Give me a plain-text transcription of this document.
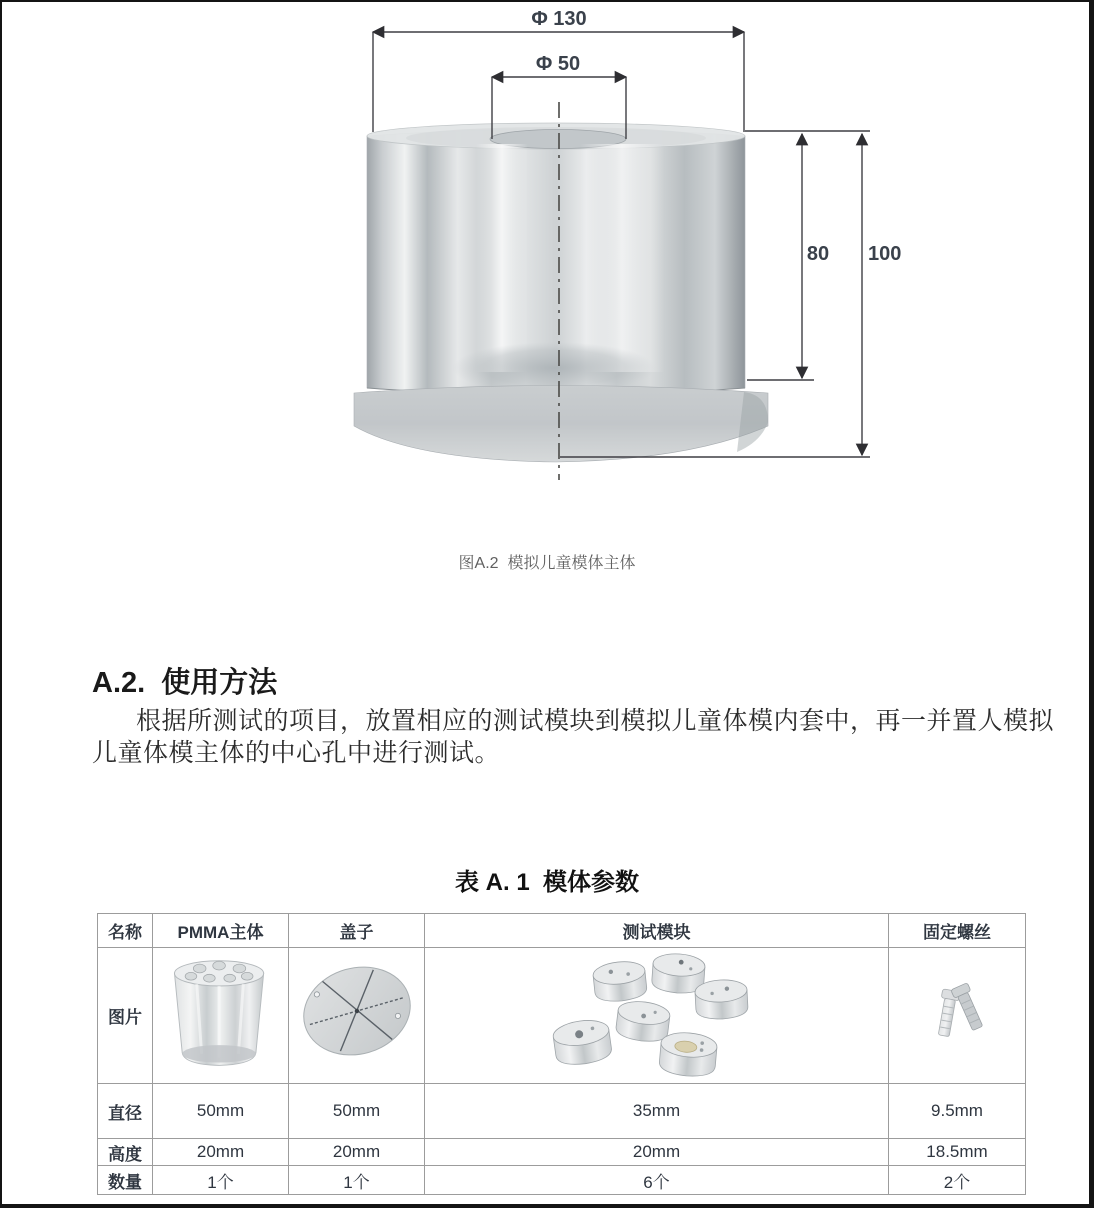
Φ 130
Φ 50
80 100
图A.2  模拟儿童模体主体
A.2.  使用方法
根据所测试的项目，放置相应的测试模块到模拟儿童体模内套中，再一并置人模拟
儿童体模主体的中心孔中进行测试。
表 A. 1  模体参数
名称	PMMA主体	盖子	测试模块	固定螺丝
图片	

直径	50mm	50mm	35mm	9.5mm
高度	20mm	20mm	20mm	18.5mm
数量	1个	1个	6个	2个
